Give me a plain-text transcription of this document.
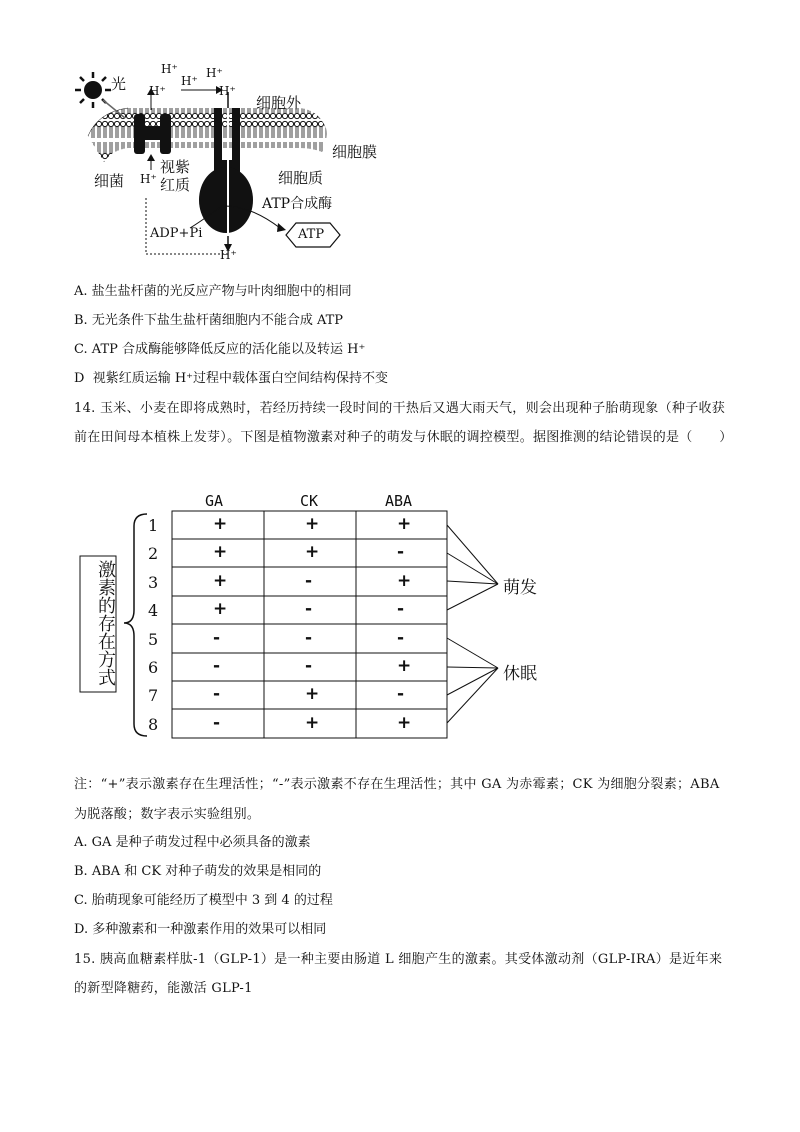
光
H⁺
H⁺
H⁺
H⁺	H⁺
细胞外
细胞膜
细胞质
细菌
视紫
红质
H⁺
ATP合成酶
ADP+Pi	ATP
H⁺
A. 盐生盐杆菌的光反应产物与叶肉细胞中的相同
B. 无光条件下盐生盐杆菌细胞内不能合成 ATP
C. ATP 合成酶能够降低反应的活化能以及转运 H⁺
D 视紫红质运输 H⁺过程中载体蛋白空间结构保持不变
14. 玉米、小麦在即将成熟时，若经历持续一段时间的干热后又遇大雨天气，则会出现种子胎萌现象（种子收获前在田间母本植株上发芽）。下图是植物激素对种子的萌发与休眠的调控模型。据图推测的结论错误的是（　　）
GA	CK	ABA
激素的存在方式
1	+	+	+
2	+	+	-
3	+	-	+
4	+	-	-
5	-	-	-
6	-	-	+
7	-	+	-
8	-	+	+
萌发
休眠
注：“+”表示激素存在生理活性；“-”表示激素不存在生理活性；其中 GA 为赤霉素；CK 为细胞分裂素；ABA 为脱落酸；数字表示实验组别。
A. GA 是种子萌发过程中必须具备的激素
B. ABA 和 CK 对种子萌发的效果是相同的
C. 胎萌现象可能经历了模型中 3 到 4 的过程
D. 多种激素和一种激素作用的效果可以相同
15. 胰高血糖素样肽-1（GLP-1）是一种主要由肠道 L 细胞产生的激素。其受体激动剂（GLP-IRA）是近年来的新型降糖药，能激活 GLP-1
